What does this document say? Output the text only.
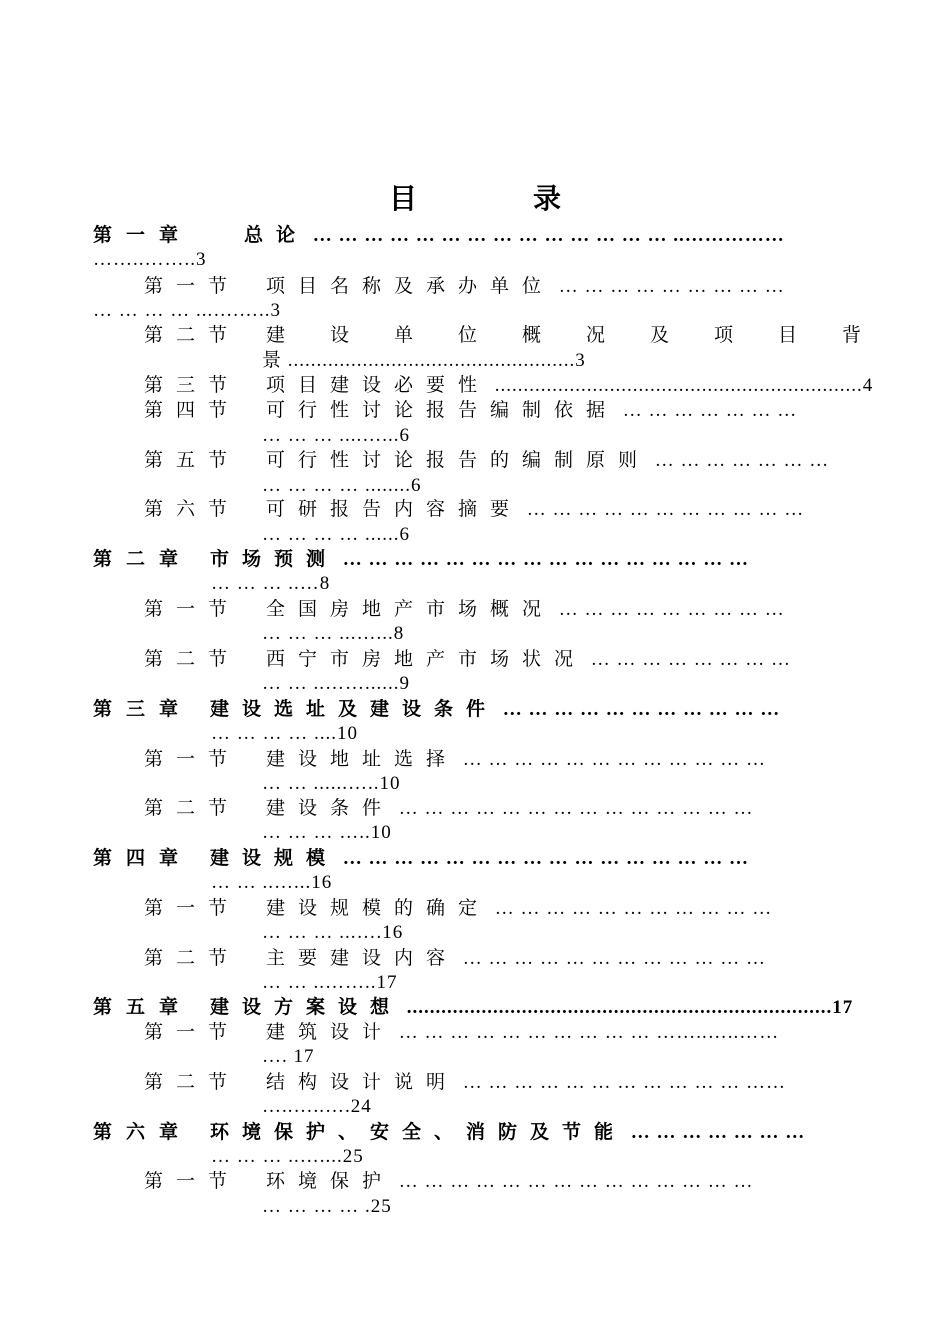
目　录
第一章	总论 … … … … … … … … … … … … … … ..……………
……..……..3
第一节 项目名称及承办单位 … … … … … … … … …
… … … … ...….…..3
第二节 建　设　单　位　概　况　及　项　目　背
景 ..................................................3
第三节 项目建设必要性 ................................................................4
第四节 可行性讨论报告编制依据 … … … … … … …
… … … ....…...6
第五节 可行性讨论报告的编制原则 … … … … … … …
… … … … ........6
第六节 可研报告内容摘要 … … … … … … … … … … …
… … … … ......6
第二章 市场预测 … … … … … … … … … … … … … … … …
… … … ..…8
第一节 全国房地产市场概况 … … … … … … … … …
… … … ...…...8
第二节 西宁市房地产市场状况 … … … … … … … …
… … ..……......9
第三章 建设选址及建设条件 … … … … … … … … … … …
… … … … ....10
第一节 建设地址选择 … … … … … … … … … … … …
… … ......…..10
第二节 建设条件 … … … … … … … … … … … … … …
… … … …..10
第四章 建设规模 … … … … … … … … … … … … … … … …
… … ..…...16
第一节 建设规模的确定 … … … … … … … … … … …
… … … ...….16
第二节 主要建设内容 … … … … … … … … … … … …
… … ..……..17
第五章 建设方案设想 ..........................................................................17
第一节 建筑设计 … … … … … … … … … … ……..…..……
…. 17
第二节 结构设计说明 … … … … … … … … … … … ……
…..…..….24
第六章 环境保护、安全、消防及节能 … … … … … … …
… … … ..…....25
第一节 环境保护 … … … … … … … … … … … … … …
… … … … .25
